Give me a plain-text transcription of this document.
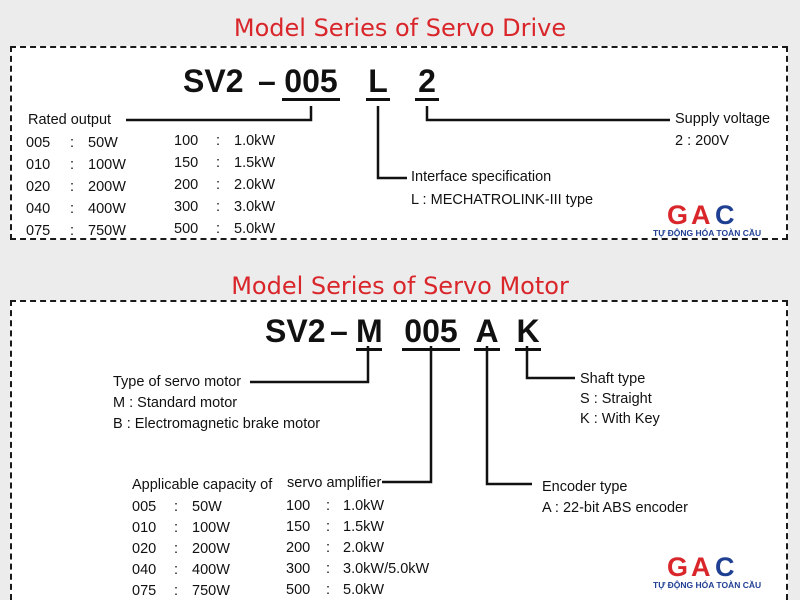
Model Series of Servo Drive
SV2 – 005 L 2
Rated output
005 : 50W
010 : 100W
020 : 200W
040 : 400W
075 : 750W
100 : 1.0kW
150 : 1.5kW
200 : 2.0kW
300 : 3.0kW
500 : 5.0kW
Interface specification
L : MECHATROLINK-III type
Supply voltage
2 : 200V
G A C
TỰ ĐỘNG HÓA TOÀN CẦU
Model Series of Servo Motor
SV2 – M 005 A K
Type of servo motor
M : Standard motor
B : Electromagnetic brake motor
Applicable capacity of servo amplifier
005 : 50W
010 : 100W
020 : 200W
040 : 400W
075 : 750W
100 : 1.0kW
150 : 1.5kW
200 : 2.0kW
300 : 3.0kW/5.0kW
500 : 5.0kW
Encoder type
A : 22-bit ABS encoder
Shaft type
S : Straight
K : With Key
G A C
TỰ ĐỘNG HÓA TOÀN CẦU
